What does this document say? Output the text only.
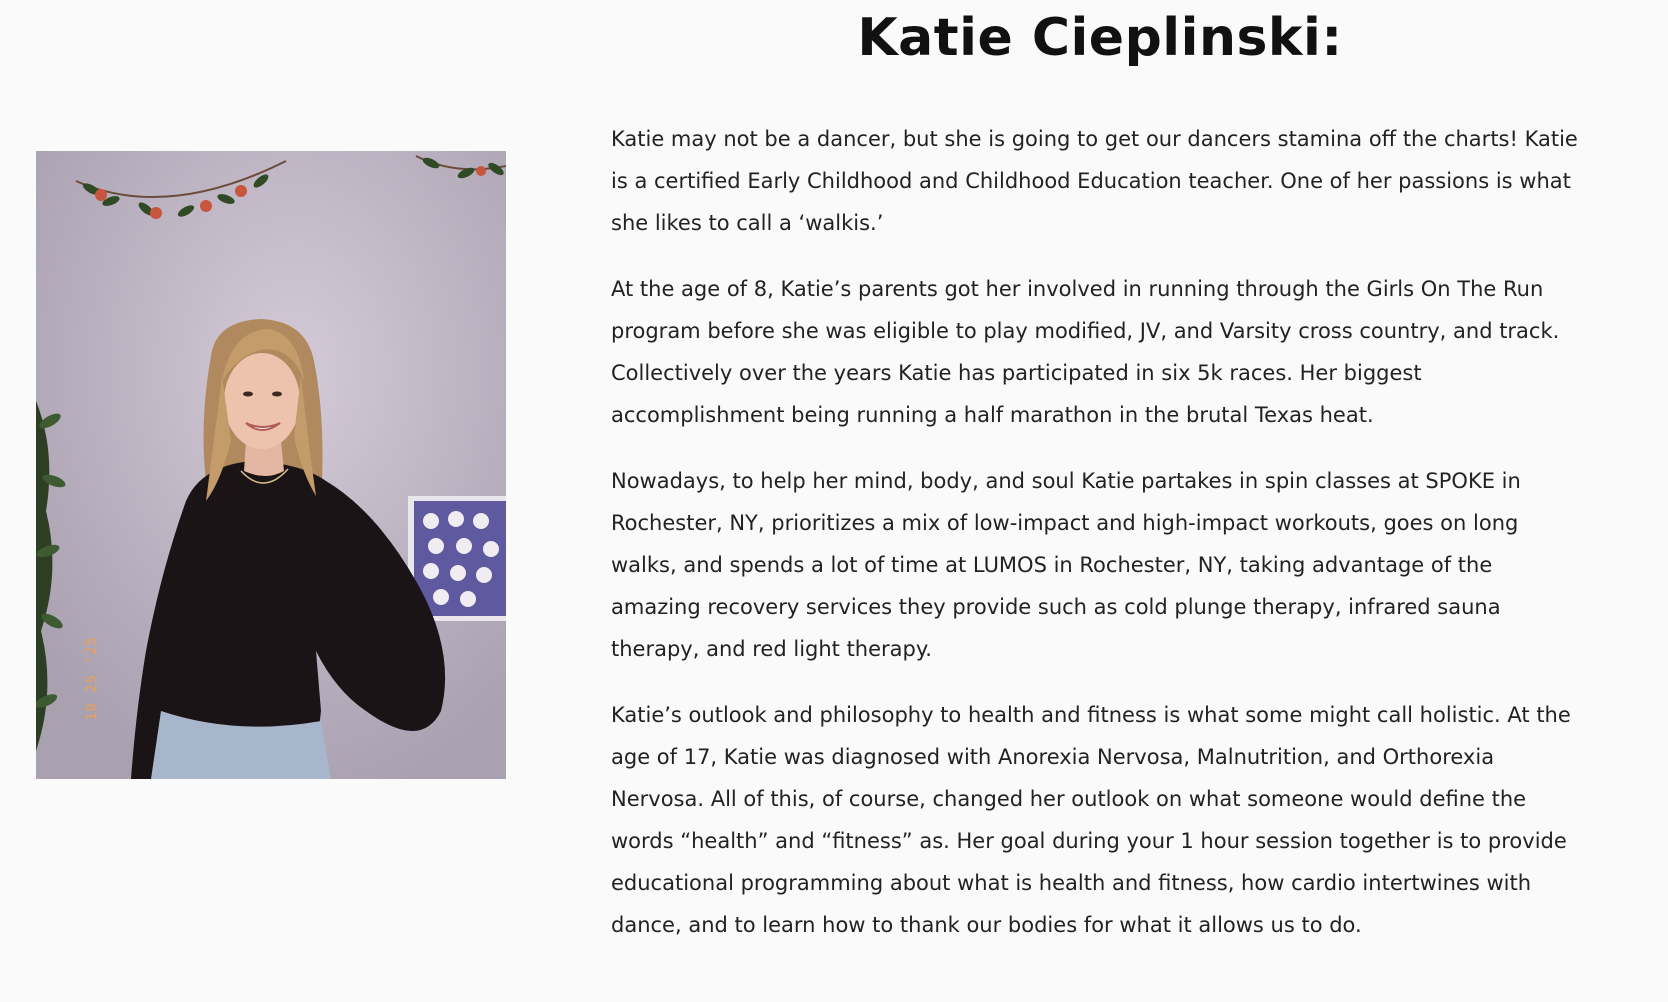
Katie Cieplinski:
10 25 '25

Katie may not be a dancer, but she is going to get our dancers stamina off the charts! Katie is a certified Early Childhood and Childhood Education teacher. One of her passions is what she likes to call a ‘walkis.’

At the age of 8, Katie’s parents got her involved in running through the Girls On The Run program before she was eligible to play modified, JV, and Varsity cross country, and track. Collectively over the years Katie has participated in six 5k races. Her biggest accomplishment being running a half marathon in the brutal Texas heat.

Nowadays, to help her mind, body, and soul Katie partakes in spin classes at SPOKE in Rochester, NY, prioritizes a mix of low-impact and high-impact workouts, goes on long walks, and spends a lot of time at LUMOS in Rochester, NY, taking advantage of the amazing recovery services they provide such as cold plunge therapy, infrared sauna therapy, and red light therapy.

Katie’s outlook and philosophy to health and fitness is what some might call holistic. At the age of 17, Katie was diagnosed with Anorexia Nervosa, Malnutrition, and Orthorexia Nervosa. All of this, of course, changed her outlook on what someone would define the words “health” and “fitness” as. Her goal during your 1 hour session together is to provide educational programming about what is health and fitness, how cardio intertwines with dance, and to learn how to thank our bodies for what it allows us to do.
